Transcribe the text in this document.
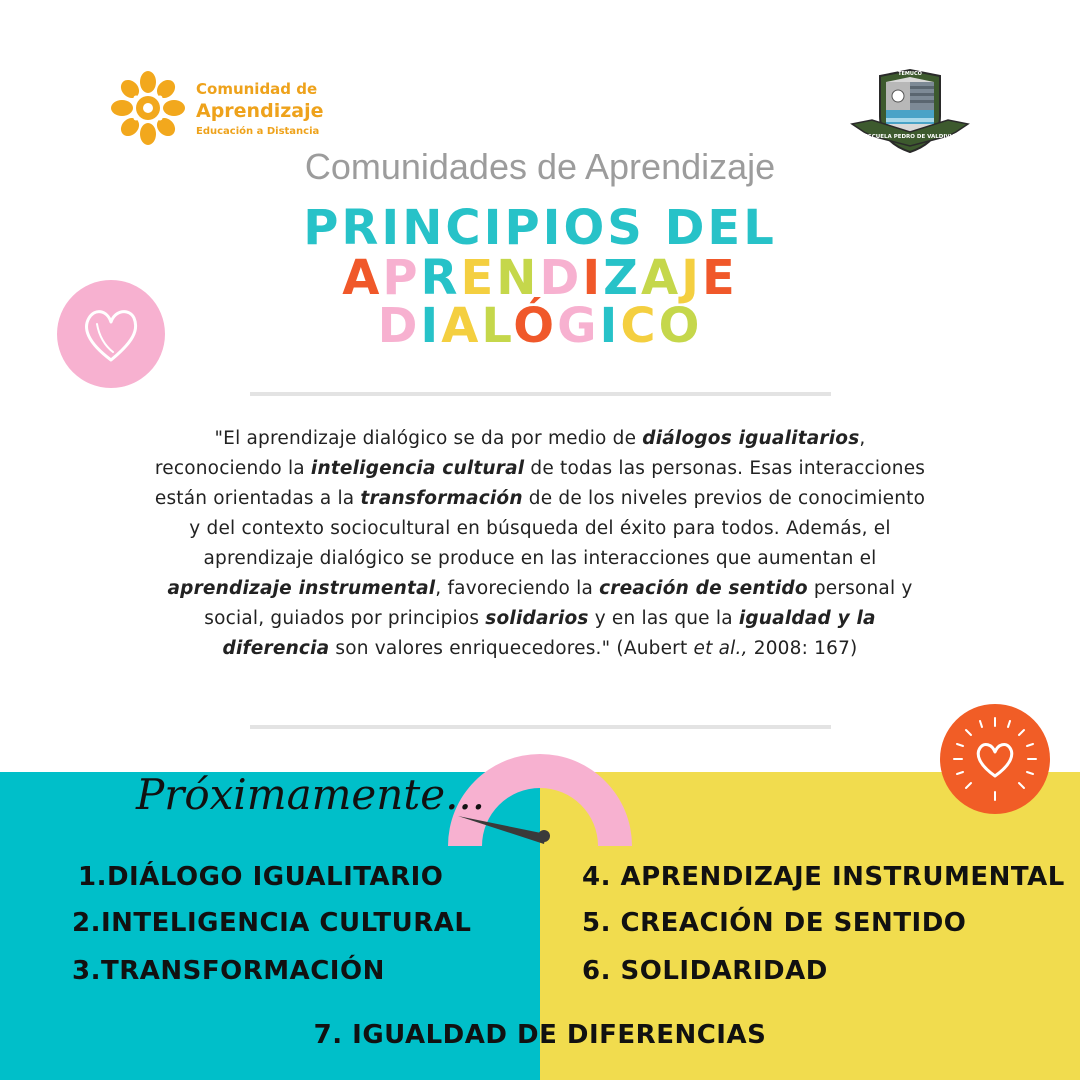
Comunidad de
Aprendizaje
Educación a Distancia
TEMUCO
ESCUELA PEDRO DE VALDIVIA
Comunidades de Aprendizaje
PRINCIPIOS DEL
APRENDIZAJE
DIALÓGICO
"El aprendizaje dialógico se da por medio de diálogos igualitarios, reconociendo la inteligencia cultural de todas las personas. Esas interacciones están orientadas a la transformación de de los niveles previos de conocimiento y del contexto sociocultural en búsqueda del éxito para todos. Además, el aprendizaje dialógico se produce en las interacciones que aumentan el aprendizaje instrumental, favoreciendo la creación de sentido personal y social, guiados por principios solidarios y en las que la igualdad y la diferencia son valores enriquecedores." (Aubert et al., 2008: 167)
Próximamente...
1.DIÁLOGO IGUALITARIO
2.INTELIGENCIA CULTURAL
3.TRANSFORMACIÓN
4. APRENDIZAJE INSTRUMENTAL
5. CREACIÓN DE SENTIDO
6. SOLIDARIDAD
7. IGUALDAD DE DIFERENCIAS
